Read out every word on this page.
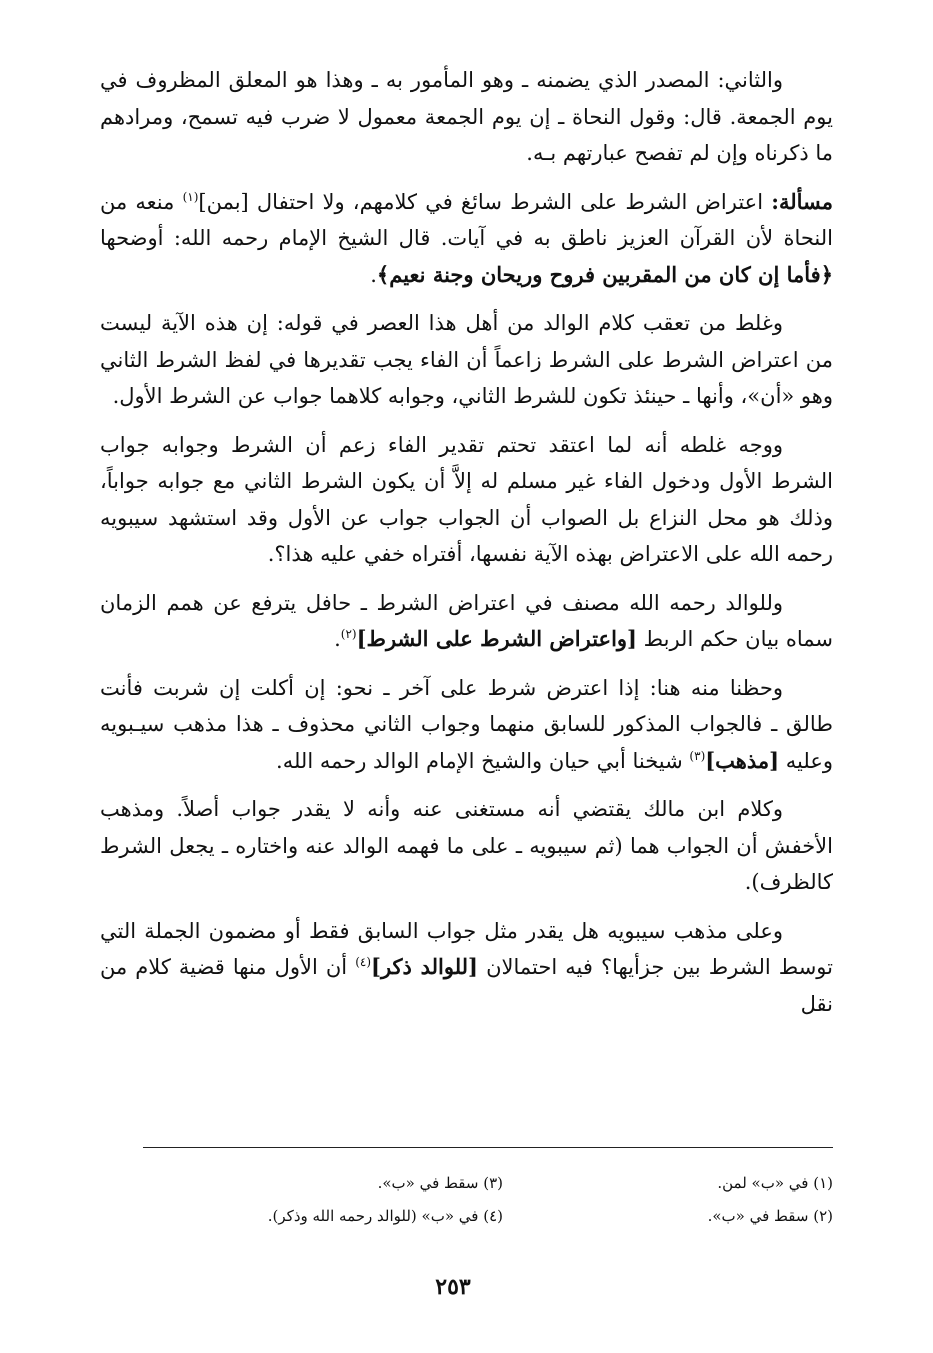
والثاني: المصدر الذي يضمنه ـ وهو المأمور به ـ وهذا هو المعلق المظروف في يوم الجمعة. قال: وقول النحاة ـ إن يوم الجمعة معمول لا ضرب فيه تسمح، ومرادهم ما ذكرناه وإن لم تفصح عبارتهم بـه.

مسألة: اعتراض الشرط على الشرط سائغ في كلامهم، ولا احتفال [بمن]$^{(١)}$ منعه من النحاة لأن القرآن العزيز ناطق به في آيات. قال الشيخ الإمام رحمه الله: أوضحها ﴿فأما إن كان من المقربين فروح وريحان وجنة نعيم﴾.

وغلط من تعقب كلام الوالد من أهل هذا العصر في قوله: إن هذه الآية ليست من اعتراض الشرط على الشرط زاعماً أن الفاء يجب تقديرها في لفظ الشرط الثاني وهو «أن»، وأنها ـ حينئذ تكون للشرط الثاني، وجوابه كلاهما جواب عن الشرط الأول.

ووجه غلطه أنه لما اعتقد تحتم تقدير الفاء زعم أن الشرط وجوابه جواب الشرط الأول ودخول الفاء غير مسلم له إلاَّ أن يكون الشرط الثاني مع جوابه جواباً، وذلك هو محل النزاع بل الصواب أن الجواب جواب عن الأول وقد استشهد سيبويه رحمه الله على الاعتراض بهذه الآية نفسها، أفتراه خفي عليه هذا؟.

وللوالد رحمه الله مصنف في اعتراض الشرط ـ حافل يترفع عن همم الزمان سماه بيان حكم الربط [واعتراض الشرط على الشرط]$^{(٢)}$.

وحظنا منه هنا: إذا اعترض شرط على آخر ـ نحو: إن أكلت إن شربت فأنت طالق ـ فالجواب المذكور للسابق منهما وجواب الثاني محذوف ـ هذا مذهب سيـبويه وعليه [مذهب]$^{(٣)}$ شيخنا أبي حيان والشيخ الإمام الوالد رحمه الله.

وكلام ابن مالك يقتضي أنه مستغنى عنه وأنه لا يقدر جواب أصلاً. ومذهب الأخفش أن الجواب هما (ثم سيبويه ـ على ما فهمه الوالد عنه واختاره ـ يجعل الشرط كالظرف).

وعلى مذهب سيبويه هل يقدر مثل جواب السابق فقط أو مضمون الجملة التي توسط الشرط بين جزأيها؟ فيه احتمالان [للوالد ذكر]$^{(٤)}$ أن الأول منها قضية كلام من نقل

(١) في «ب» لمن.
(٢) سقط في «ب».
(٣) سقط في «ب».
(٤) في «ب» (للوالد رحمه الله وذكر).
٢٥٣
